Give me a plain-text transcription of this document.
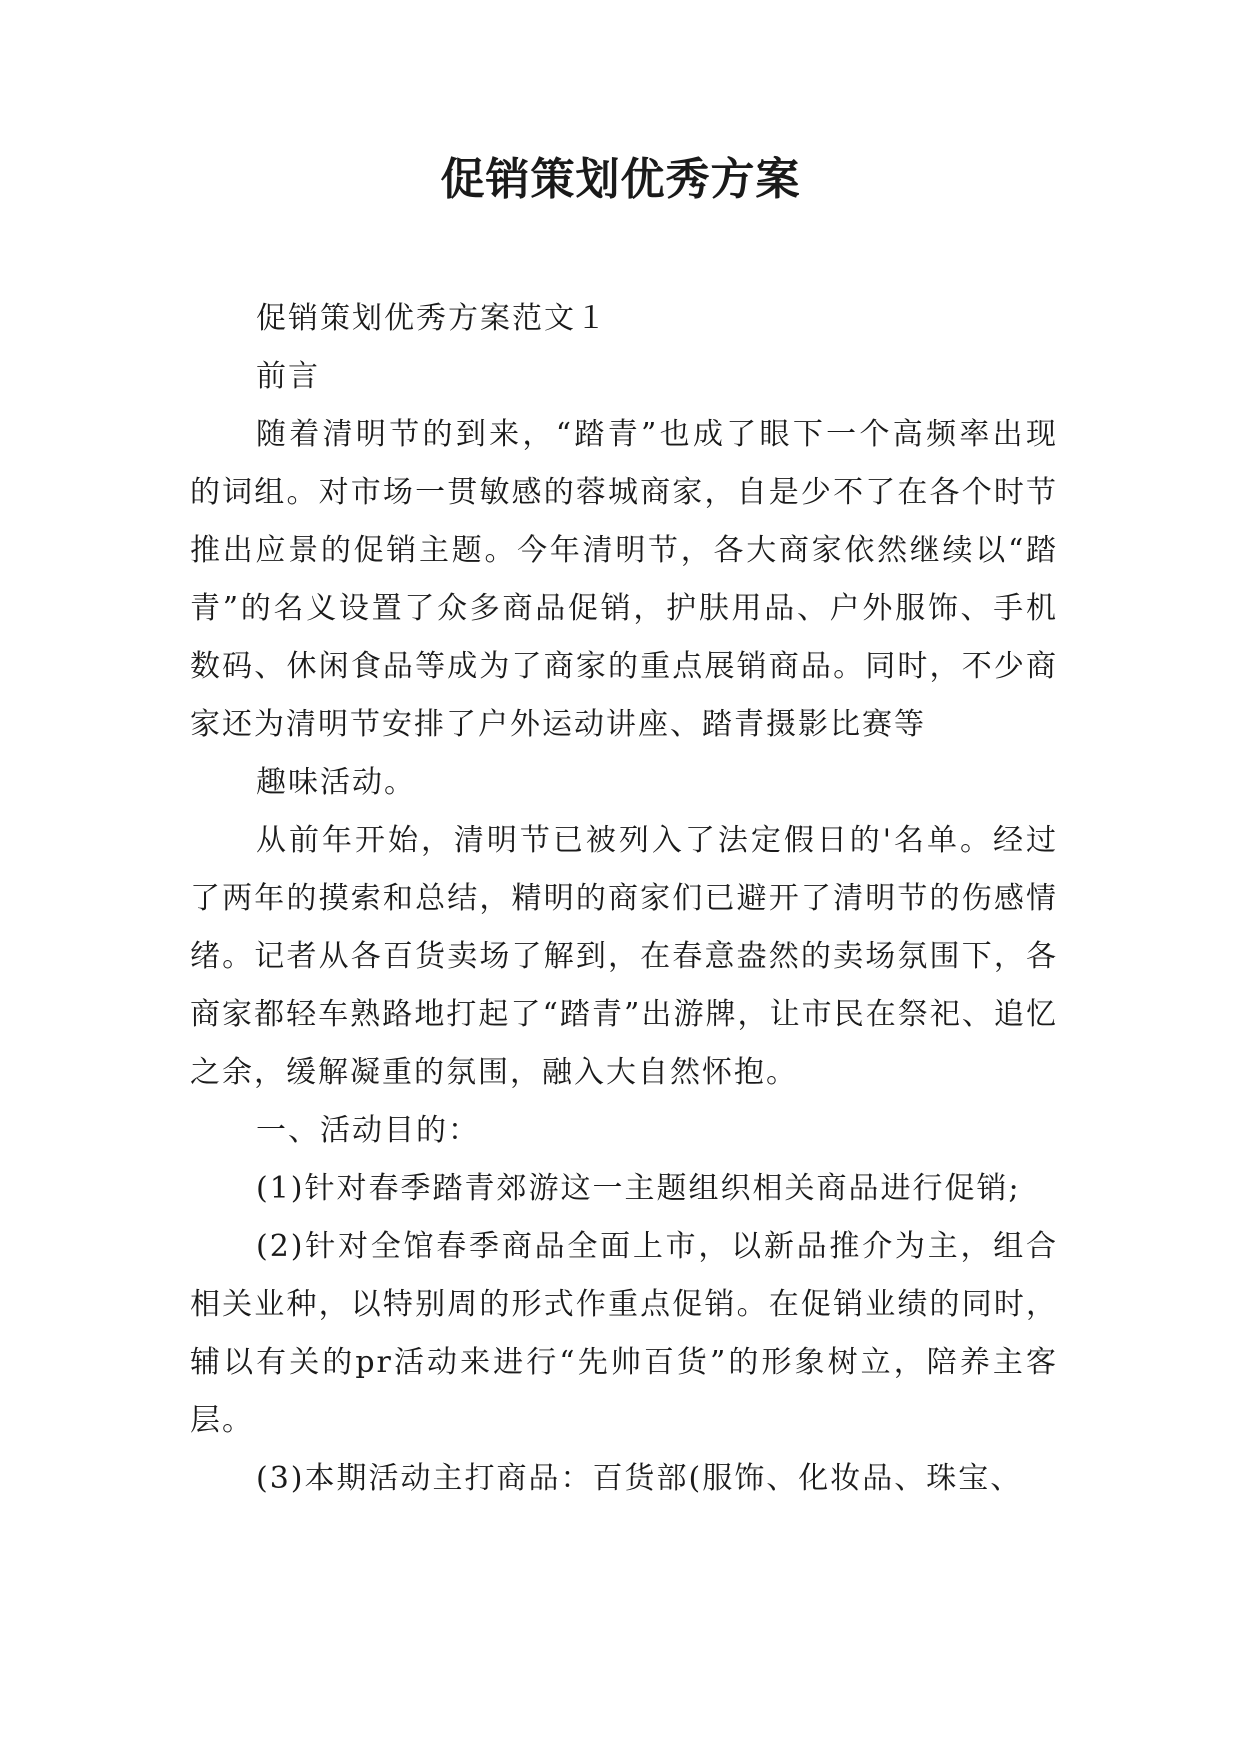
促销策划优秀方案

促销策划优秀方案范文１

前言

随着清明节的到来，“踏青”也成了眼下一个高频率出现的词组。对市场一贯敏感的蓉城商家，自是少不了在各个时节推出应景的促销主题。今年清明节，各大商家依然继续以“踏青”的名义设置了众多商品促销，护肤用品、户外服饰、手机数码、休闲食品等成为了商家的重点展销商品。同时，不少商家还为清明节安排了户外运动讲座、踏青摄影比赛等

趣味活动。

从前年开始，清明节已被列入了法定假日的'名单。经过了两年的摸索和总结，精明的商家们已避开了清明节的伤感情绪。记者从各百货卖场了解到，在春意盎然的卖场氛围下，各商家都轻车熟路地打起了“踏青”出游牌，让市民在祭祀、追忆之余，缓解凝重的氛围，融入大自然怀抱。

一、活动目的：

(1)针对春季踏青郊游这一主题组织相关商品进行促销;

(2)针对全馆春季商品全面上市，以新品推介为主，组合相关业种，以特别周的形式作重点促销。在促销业绩的同时，辅以有关的pr活动来进行“先帅百货”的形象树立，陪养主客层。

(3)本期活动主打商品：百货部(服饰、化妆品、珠宝、
